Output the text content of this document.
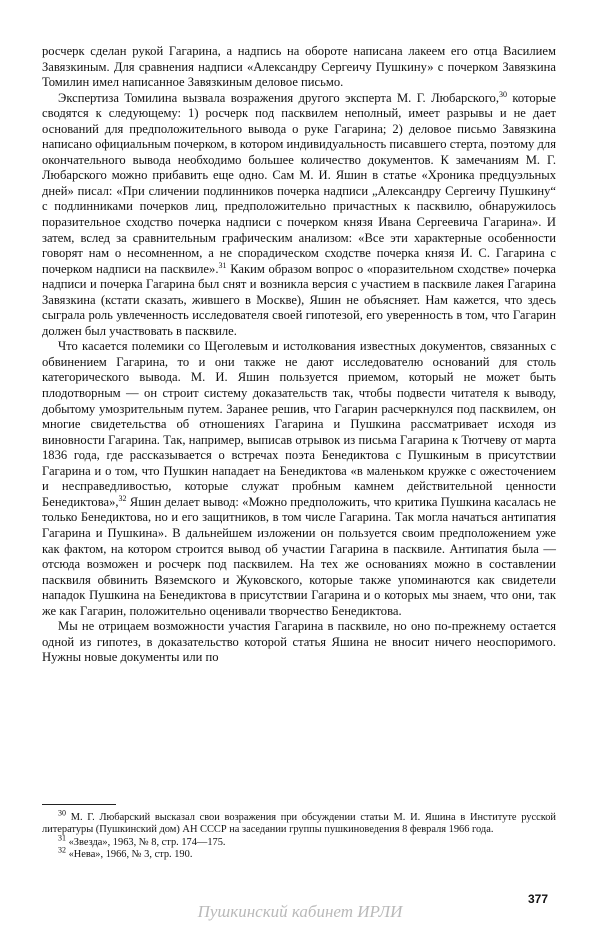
росчерк сделан рукой Гагарина, а надпись на обороте написана лакеем его отца Василием Завязкиным. Для сравнения надписи «Александру Сергеичу Пушкину» с почерком Завязкина Томилин имел написанное Завязкиным деловое письмо.

Экспертиза Томилина вызвала возражения другого эксперта М. Г. Любарского,$^{30}$ которые сводятся к следующему: 1) росчерк под пасквилем неполный, имеет разрывы и не дает оснований для предположительного вывода о руке Гагарина; 2) деловое письмо Завязкина написано официальным почерком, в котором индивидуальность писавшего стерта, поэтому для окончательного вывода необходимо большее количество документов. К замечаниям М. Г. Любарского можно прибавить еще одно. Сам М. И. Яшин в статье «Хроника предцуэльных дней» писал: «При сличении подлинников почерка надписи „Александру Сергеичу Пушкину“ с подлинниками почерков лиц, предположительно причастных к пасквилю, обнаружилось поразительное сходство почерка надписи с почерком князя Ивана Сергеевича Гагарина». И затем, вслед за сравнительным графическим анализом: «Все эти характерные особенности говорят нам о несомненном, а не спорадическом сходстве почерка князя И. С. Гагарина с почерком надписи на пасквиле».$^{31}$ Каким образом вопрос о «поразительном сходстве» почерка надписи и почерка Гагарина был снят и возникла версия с участием в пасквиле лакея Гагарина Завязкина (кстати сказать, жившего в Москве), Яшин не объясняет. Нам кажется, что здесь сыграла роль увлеченность исследователя своей гипотезой, его уверенность в том, что Гагарин должен был участвовать в пасквиле.

Что касается полемики со Щеголевым и истолкования известных документов, связанных с обвинением Гагарина, то и они также не дают исследователю оснований для столь категорического вывода. М. И. Яшин пользуется приемом, который не может быть плодотворным — он строит систему доказательств так, чтобы подвести читателя к выводу, добытому умозрительным путем. Заранее решив, что Гагарин расчеркнулся под пасквилем, он многие свидетельства об отношениях Гагарина и Пушкина рассматривает исходя из виновности Гагарина. Так, например, выписав отрывок из письма Гагарина к Тютчеву от марта 1836 года, где рассказывается о встречах поэта Бенедиктова с Пушкиным в присутствии Гагарина и о том, что Пушкин нападает на Бенедиктова «в маленьком кружке с ожесточением и несправедливостью, которые служат пробным камнем действительной ценности Бенедиктова»,$^{32}$ Яшин делает вывод: «Можно предположить, что критика Пушкина касалась не только Бенедиктова, но и его защитников, в том числе Гагарина. Так могла начаться антипатия Гагарина и Пушкина». В дальнейшем изложении он пользуется своим предположением уже как фактом, на котором строится вывод об участии Гагарина в пасквиле. Антипатия была — отсюда возможен и росчерк под пасквилем. На тех же основаниях можно в составлении пасквиля обвинить Вяземского и Жуковского, которые также упоминаются как свидетели нападок Пушкина на Бенедиктова в присутствии Гагарина и о которых мы знаем, что они, так же как Гагарин, положительно оценивали творчество Бенедиктова.

Мы не отрицаем возможности участия Гагарина в пасквиле, но оно по-прежнему остается одной из гипотез, в доказательство которой статья Яшина не вносит ничего неоспоримого. Нужны новые документы или по

$^{30}$ М. Г. Любарский высказал свои возражения при обсуждении статьи М. И. Яшина в Институте русской литературы (Пушкинский дом) АН СССР на заседании группы пушкиноведения 8 февраля 1966 года.

$^{31}$ «Звезда», 1963, № 8, стр. 174—175.

$^{32}$ «Нева», 1966, № 3, стр. 190.

377
Пушкинский кабинет ИРЛИ
